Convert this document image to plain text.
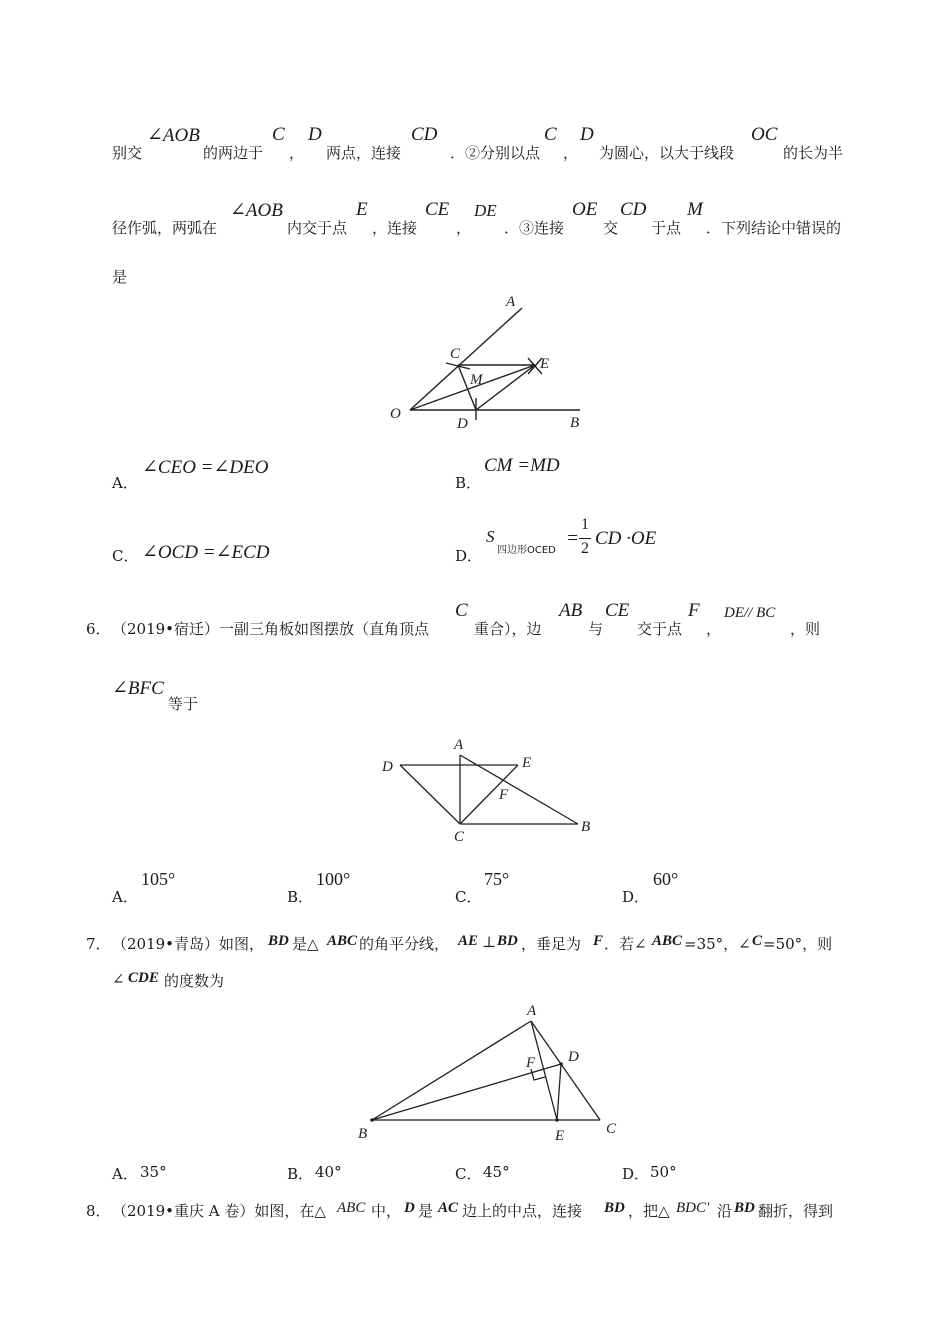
别交
∠AOB
的两边于
C
，
D
两点，连接
CD
．②分别以点
C
，
D
为圆心，以大于线段
OC
的长为半
径作弧，两弧在
∠AOB
内交于点
E
，连接
CE
，
DE
．③连接
OE
交
CD
于点
M
．下列结论中错误的
是
A
B
C
D
E
M
O
A．
∠CEO =∠DEO
B．
CM =MD
C． ∠OCD =∠ECD	D．
S
四边形OCED
=
1
2 CD ·OE
6． （2019•宿迁）一副三角板如图摆放（直角顶点
C
重合），边
AB
与
CE
交于点
F
，
DE// BC
，则
∠BFC
等于
A
B
C
D	E
F
A．
105°
B．
100°
C．
75°
D．
60°
7． （2019•青岛）如图， BD 是△ ABC 的角平分线， AE ⊥ BD ，垂足为 F ．若∠ ABC =35°，∠ C =50°，则
∠ CDE 的度数为
A
B	C
D
E
F
A． 35°	B． 40°	C． 45°	D． 50°
8． （2019•重庆 A 卷）如图，在△ ABC 中， D 是 AC 边上的中点，连接 BD ，把△ BDC' 沿 BD 翻折，得到
